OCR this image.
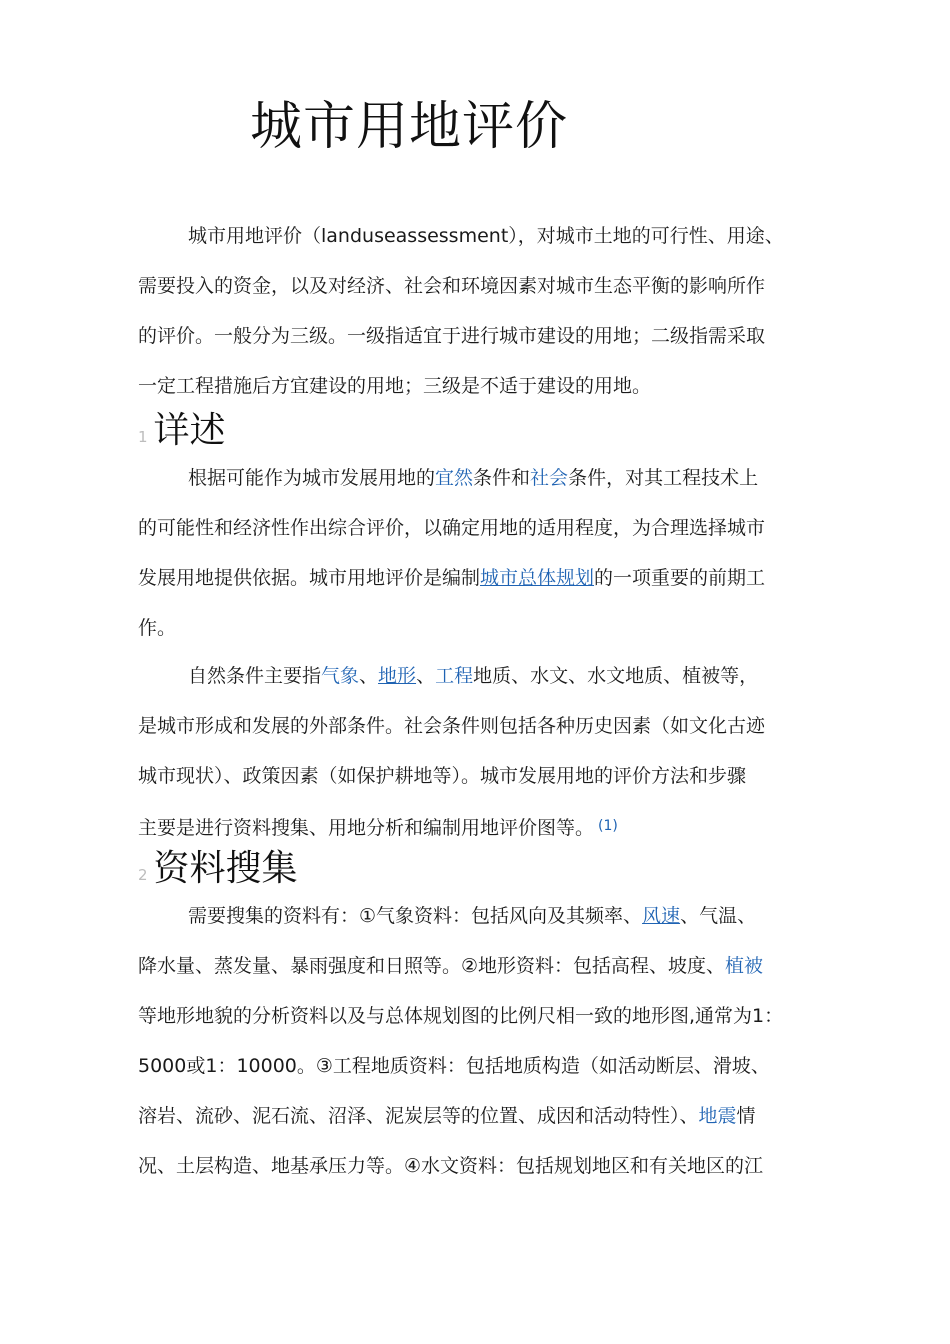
城市用地评价

城市用地评价（landuseassessment），对城市土地的可行性、用途、
需要投入的资金，以及对经济、社会和环境因素对城市生态平衡的影响所作
的评价。一般分为三级。一级指适宜于进行城市建设的用地；二级指需采取
一定工程措施后方宜建设的用地；三级是不适于建设的用地。

1 详述

根据可能作为城市发展用地的宜然条件和社会条件，对其工程技术上
的可能性和经济性作出综合评价，以确定用地的适用程度，为合理选择城市
发展用地提供依据。城市用地评价是编制城市总体规划的一项重要的前期工
作。

自然条件主要指气象、地形、工程地质、水文、水文地质、植被等，
是城市形成和发展的外部条件。社会条件则包括各种历史因素（如文化古迹
城市现状）、政策因素（如保护耕地等）。城市发展用地的评价方法和步骤
主要是进行资料搜集、用地分析和编制用地评价图等。 $^{(1)}$

2 资料搜集

需要搜集的资料有：①气象资料：包括风向及其频率、风速、气温、
降水量、蒸发量、暴雨强度和日照等。②地形资料：包括高程、坡度、植被
等地形地貌的分析资料以及与总体规划图的比例尺相一致的地形图,通常为1：
5000或1：10000。③工程地质资料：包括地质构造（如活动断层、滑坡、
溶岩、流砂、泥石流、沼泽、泥炭层等的位置、成因和活动特性）、地震情
况、土层构造、地基承压力等。④水文资料：包括规划地区和有关地区的江
